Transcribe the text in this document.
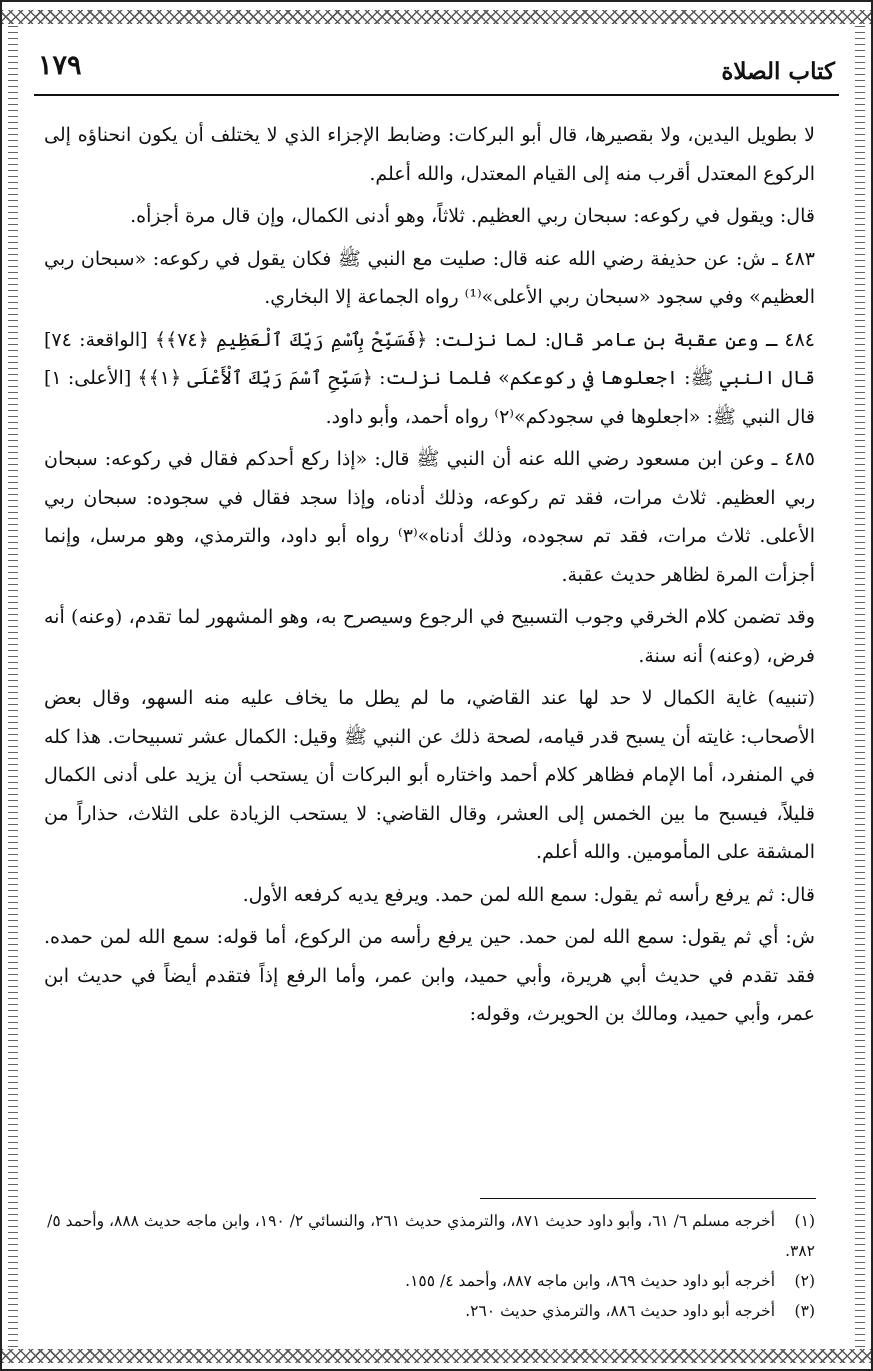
كتاب الصلاة
١٧٩

لا بطويل اليدين، ولا بقصيرها، قال أبو البركات: وضابط الإجزاء الذي لا يختلف أن يكون انحناؤه إلى الركوع المعتدل أقرب منه إلى القيام المعتدل، والله أعلم.

قال: ويقول في ركوعه: سبحان ربي العظيم. ثلاثاً، وهو أدنى الكمال، وإن قال مرة أجزأه.

٤٨٣ ـ ش: عن حذيفة رضي الله عنه قال: صليت مع النبي ﷺ فكان يقول في ركوعه: «سبحان ربي العظيم» وفي سجود «سبحان ربي الأعلى»⁽¹⁾ رواه الجماعة إلا البخاري.

٤٨٤ ـ وعن عقبة بن عامر قال: لما نزلت: ﴿فَسَبِّحْ بِٱسْمِ رَبِّكَ ٱلْعَظِيمِ ﴿٧٤﴾﴾ [الواقعة: ٧٤] قال النبي ﷺ: اجعلوها في ركوعكم» فلما نزلت: ﴿سَبِّحِ ٱسْمَ رَبِّكَ ٱلْأَعْلَى ﴿١﴾﴾ [الأعلى: ١] قال النبي ﷺ: «اجعلوها في سجودكم»⁽٢⁾ رواه أحمد، وأبو داود.

٤٨٥ ـ وعن ابن مسعود رضي الله عنه أن النبي ﷺ قال: «إذا ركع أحدكم فقال في ركوعه: سبحان ربي العظيم. ثلاث مرات، فقد تم ركوعه، وذلك أدناه، وإذا سجد فقال في سجوده: سبحان ربي الأعلى. ثلاث مرات، فقد تم سجوده، وذلك أدناه»⁽٣⁾ رواه أبو داود، والترمذي، وهو مرسل، وإنما أجزأت المرة لظاهر حديث عقبة.

وقد تضمن كلام الخرقي وجوب التسبيح في الرجوع وسيصرح به، وهو المشهور لما تقدم، (وعنه) أنه فرض، (وعنه) أنه سنة.

(تنبيه) غاية الكمال لا حد لها عند القاضي، ما لم يطل ما يخاف عليه منه السهو، وقال بعض الأصحاب: غايته أن يسبح قدر قيامه، لصحة ذلك عن النبي ﷺ وقيل: الكمال عشر تسبيحات. هذا كله في المنفرد، أما الإمام فظاهر كلام أحمد واختاره أبو البركات أن يستحب أن يزيد على أدنى الكمال قليلاً، فيسبح ما بين الخمس إلى العشر، وقال القاضي: لا يستحب الزيادة على الثلاث، حذاراً من المشقة على المأمومين. والله أعلم.

قال: ثم يرفع رأسه ثم يقول: سمع الله لمن حمد. ويرفع يديه كرفعه الأول.

ش: أي ثم يقول: سمع الله لمن حمد. حين يرفع رأسه من الركوع، أما قوله: سمع الله لمن حمده. فقد تقدم في حديث أبي هريرة، وأبي حميد، وابن عمر، وأما الرفع إذاً فتقدم أيضاً في حديث ابن عمر، وأبي حميد، ومالك بن الحويرث، وقوله:

(١)أخرجه مسلم ٦/ ٦١، وأبو داود حديث ٨٧١، والترمذي حديث ٢٦١، والنسائي ٢/ ١٩٠، وابن ماجه حديث ٨٨٨، وأحمد ٥/ ٣٨٢.

(٢)أخرجه أبو داود حديث ٨٦٩، وابن ماجه ٨٨٧، وأحمد ٤/ ١٥٥.

(٣)أخرجه أبو داود حديث ٨٨٦، والترمذي حديث ٢٦٠.
